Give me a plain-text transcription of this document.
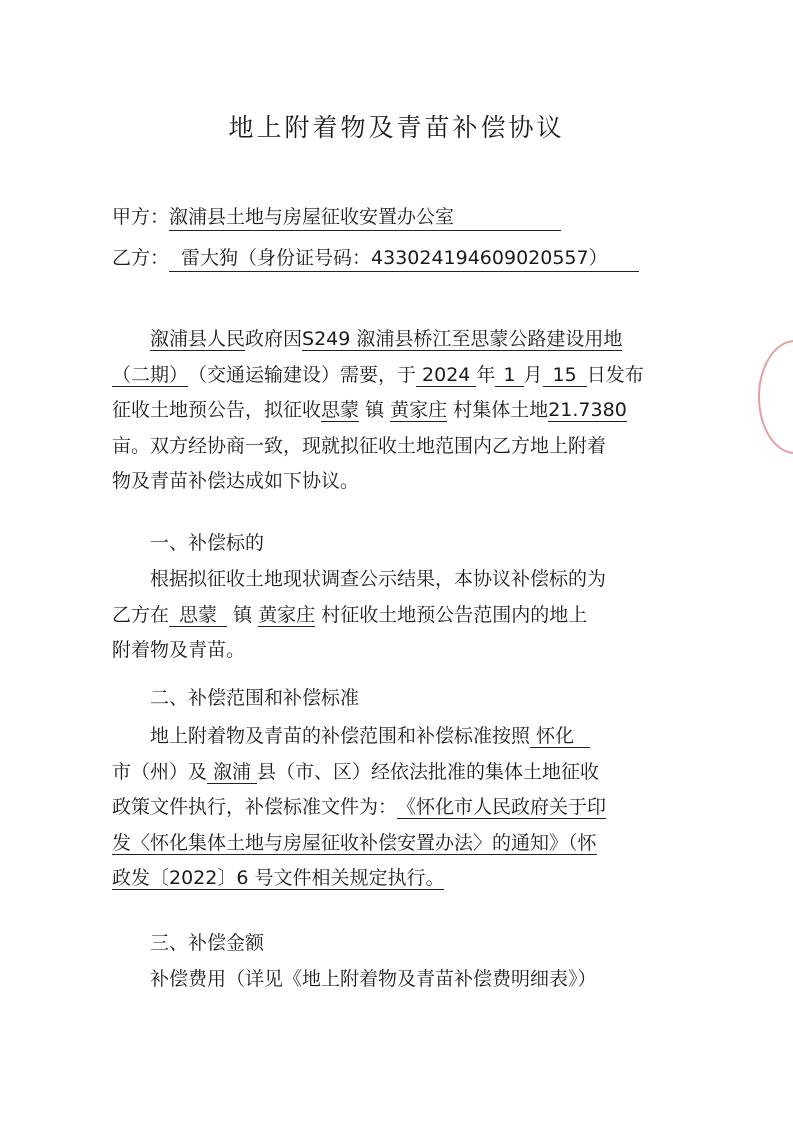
地上附着物及青苗补偿协议
甲方：溆浦县土地与房屋征收安置办公室
乙方： 雷大狗（身份证号码：433024194609020557）
溆浦县人民政府因S249 溆浦县桥江至思蒙公路建设用地
（二期）（交通运输建设）需要，于 2024 年 1 月 15 日发布
征收土地预公告，拟征收思蒙 镇 黄家庄 村集体土地21.7380
亩。双方经协商一致，现就拟征收土地范围内乙方地上附着
物及青苗补偿达成如下协议。
一、补偿标的
根据拟征收土地现状调查公示结果，本协议补偿标的为
乙方在 思蒙 镇 黄家庄 村征收土地预公告范围内的地上
附着物及青苗。
二、补偿范围和补偿标准
地上附着物及青苗的补偿范围和补偿标准按照 怀化
市（州）及 溆浦 县（市、区）经依法批准的集体土地征收
政策文件执行，补偿标准文件为：《怀化市人民政府关于印
发〈怀化集体土地与房屋征收补偿安置办法〉的通知》（怀
政发〔2022〕6 号文件相关规定执行。
三、补偿金额
补偿费用（详见《地上附着物及青苗补偿费明细表》）
